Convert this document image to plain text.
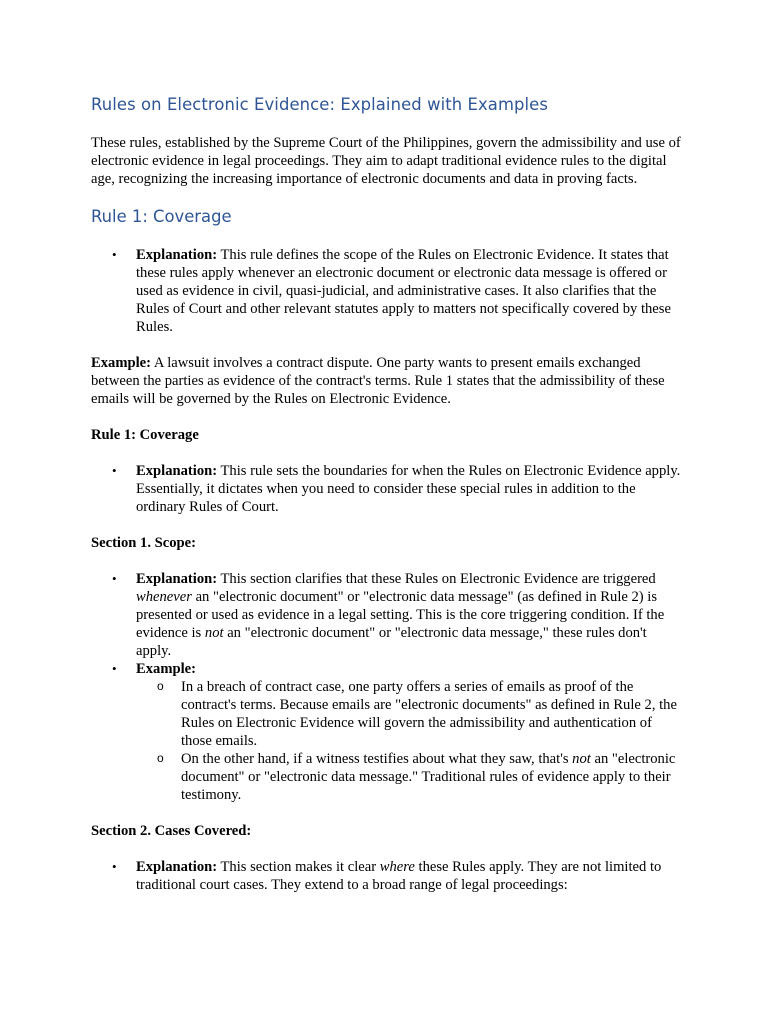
Rules on Electronic Evidence: Explained with Examples

These rules, established by the Supreme Court of the Philippines, govern the admissibility and use of electronic evidence in legal proceedings. They aim to adapt traditional evidence rules to the digital age, recognizing the increasing importance of electronic documents and data in proving facts.

Rule 1: Coverage
• Explanation: This rule defines the scope of the Rules on Electronic Evidence. It states that these rules apply whenever an electronic document or electronic data message is offered or used as evidence in civil, quasi-judicial, and administrative cases. It also clarifies that the Rules of Court and other relevant statutes apply to matters not specifically covered by these Rules.

Example: A lawsuit involves a contract dispute. One party wants to present emails exchanged between the parties as evidence of the contract's terms. Rule 1 states that the admissibility of these emails will be governed by the Rules on Electronic Evidence.

Rule 1: Coverage

• Explanation: This rule sets the boundaries for when the Rules on Electronic Evidence apply. Essentially, it dictates when you need to consider these special rules in addition to the ordinary Rules of Court.

Section 1. Scope:

• Explanation: This section clarifies that these Rules on Electronic Evidence are triggered whenever an "electronic document" or "electronic data message" (as defined in Rule 2) is presented or used as evidence in a legal setting. This is the core triggering condition. If the evidence is not an "electronic document" or "electronic data message," these rules don't apply.
• Example:
o In a breach of contract case, one party offers a series of emails as proof of the contract's terms. Because emails are "electronic documents" as defined in Rule 2, the Rules on Electronic Evidence will govern the admissibility and authentication of those emails.
o On the other hand, if a witness testifies about what they saw, that's not an "electronic document" or "electronic data message." Traditional rules of evidence apply to their testimony.

Section 2. Cases Covered:

• Explanation: This section makes it clear where these Rules apply. They are not limited to traditional court cases. They extend to a broad range of legal proceedings:
